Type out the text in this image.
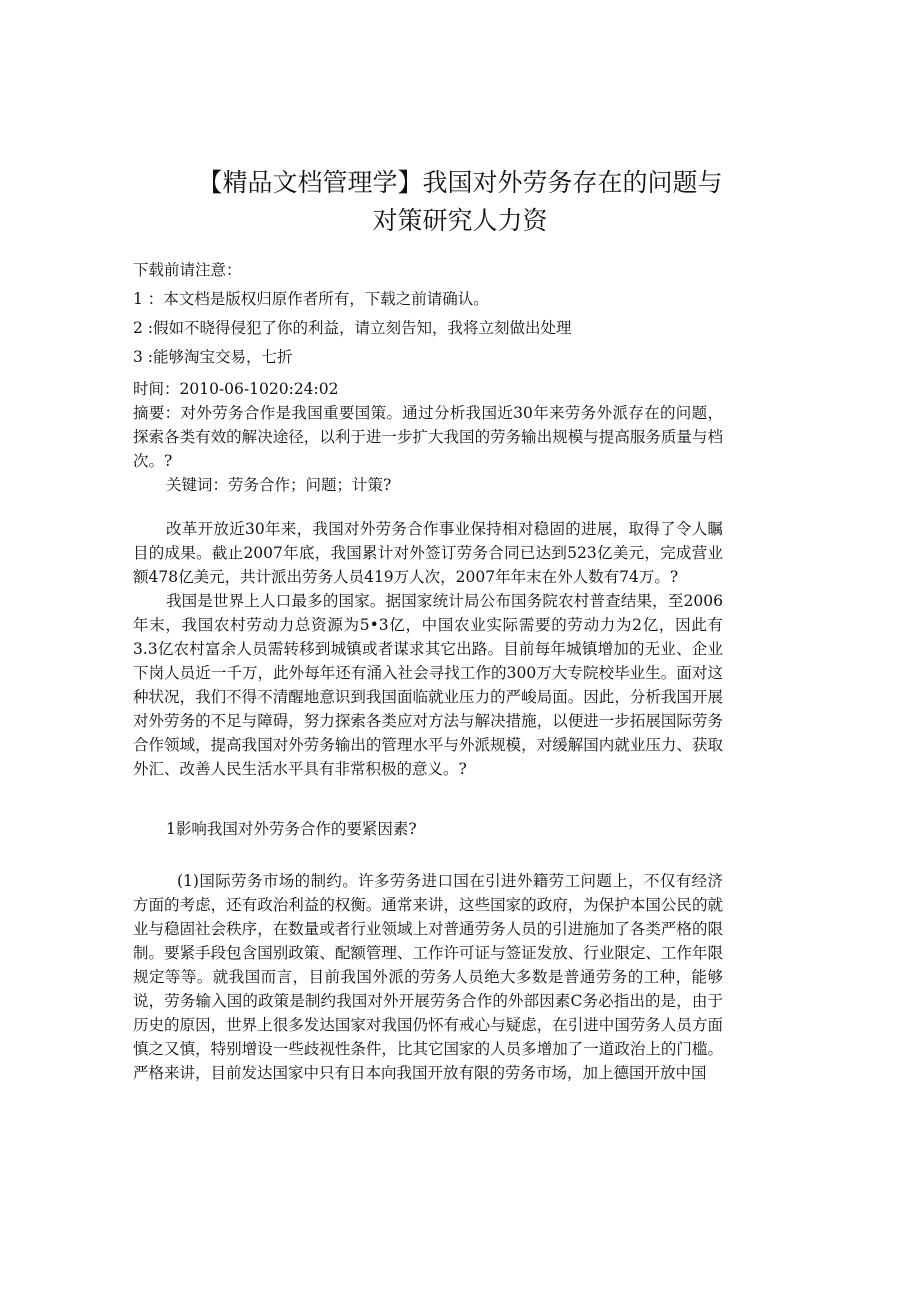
【精品文档管理学】我国对外劳务存在的问题与
对策研究人力资
下载前请注意：
1 ：本文档是版权归原作者所有，下载之前请确认。
2 :假如不晓得侵犯了你的利益，请立刻告知，我将立刻做出处理
3 :能够淘宝交易，七折
时间：2010-06-1020:24:02

摘要：对外劳务合作是我国重要国策。通过分析我国近30年来劳务外派存在的问题，探索各类有效的解决途径，以利于进一步扩大我国的劳务输出规模与提高服务质量与档次。?

关键词：劳务合作；问题；计策?

改革开放近30年来，我国对外劳务合作事业保持相对稳固的进展，取得了令人瞩目的成果。截止2007年底，我国累计对外签订劳务合同已达到523亿美元，完成营业额478亿美元，共计派出劳务人员419万人次，2007年年末在外人数有74万。?

我国是世界上人口最多的国家。据国家统计局公布国务院农村普查结果，至2006年末，我国农村劳动力总资源为5•3亿，中国农业实际需要的劳动力为2亿，因此有3.3亿农村富余人员需转移到城镇或者谋求其它出路。目前每年城镇增加的无业、企业下岗人员近一千万，此外每年还有涌入社会寻找工作的300万大专院校毕业生。面对这种状况，我们不得不清醒地意识到我国面临就业压力的严峻局面。因此，分析我国开展对外劳务的不足与障碍，努力探索各类应对方法与解决措施，以便进一步拓展国际劳务合作领域，提高我国对外劳务输出的管理水平与外派规模，对缓解国内就业压力、获取外汇、改善人民生活水平具有非常积极的意义。?

1影响我国对外劳务合作的要紧因素?

(1)国际劳务市场的制约。许多劳务进口国在引进外籍劳工问题上，不仅有经济方面的考虑，还有政治利益的权衡。通常来讲，这些国家的政府，为保护本国公民的就业与稳固社会秩序，在数量或者行业领域上对普通劳务人员的引进施加了各类严格的限制。要紧手段包含国别政策、配额管理、工作许可证与签证发放、行业限定、工作年限规定等等。就我国而言，目前我国外派的劳务人员绝大多数是普通劳务的工种，能够说，劳务输入国的政策是制约我国对外开展劳务合作的外部因素C务必指出的是，由于历史的原因，世界上很多发达国家对我国仍怀有戒心与疑虑，在引进中国劳务人员方面慎之又慎，特别增设一些歧视性条件，比其它国家的人员多增加了一道政治上的门槛。严格来讲，目前发达国家中只有日本向我国开放有限的劳务市场，加上德国开放中国
